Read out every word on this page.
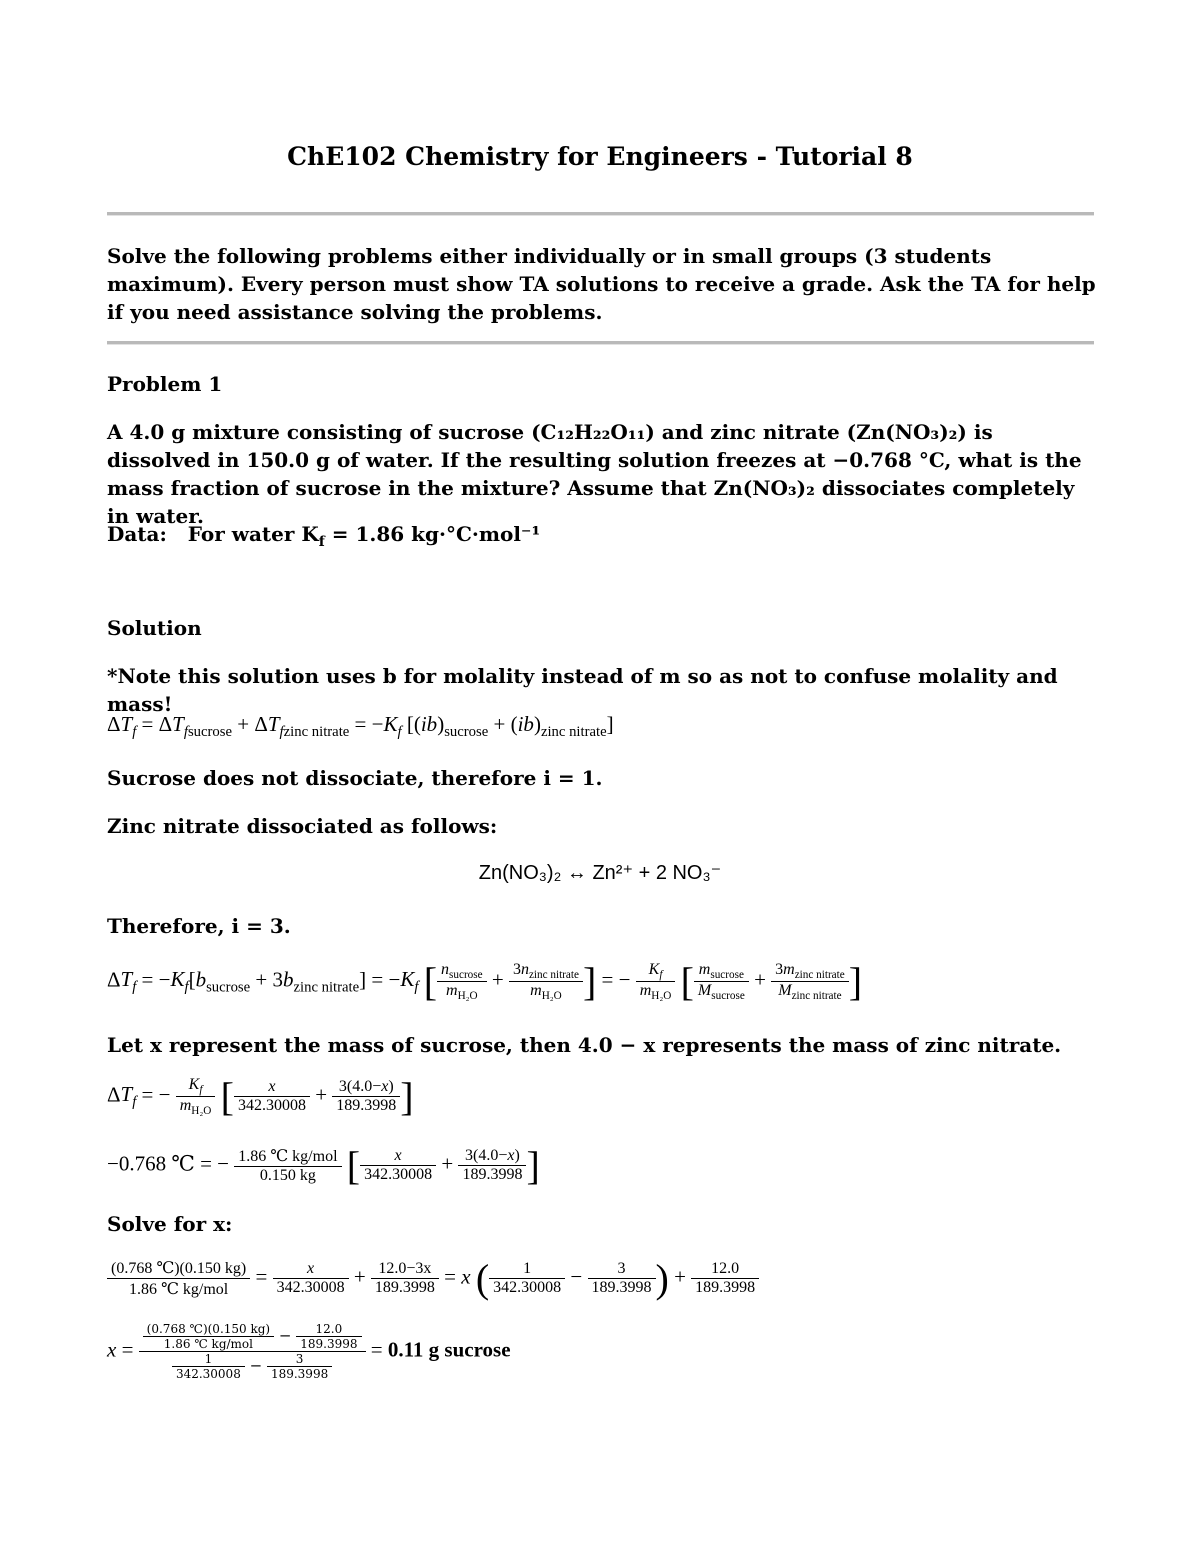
ChE102 Chemistry for Engineers - Tutorial 8
Solve the following problems either individually or in small groups (3 students maximum). Every person must show TA solutions to receive a grade. Ask the TA for help if you need assistance solving the problems.
Problem 1
A 4.0 g mixture consisting of sucrose (C₁₂H₂₂O₁₁) and zinc nitrate (Zn(NO₃)₂) is dissolved in 150.0 g of water. If the resulting solution freezes at −0.768 °C, what is the mass fraction of sucrose in the mixture? Assume that Zn(NO₃)₂ dissociates completely in water.
Data: For water $K_f = 1.86$ kg·°C·mol⁻¹
Solution
*Note this solution uses b for molality instead of m so as not to confuse molality and mass!
$\Delta T_f = \Delta T_{fsucrose} + \Delta T_{fzinc nitrate} = -K_f$ $[(ib)_{sucrose} + (ib)_{zinc nitrate}]$
Sucrose does not dissociate, therefore i = 1.
Zinc nitrate dissociated as follows:
Zn(NO₃)₂ ↔ Zn²⁺ + 2 NO₃⁻
Therefore, i = 3.
$\Delta T_f = -K_f[b_{sucrose} + 3b_{zinc nitrate}] = -K_f$ [ $\frac{n_{sucrose}}{m_{H_2O}} + \frac{3n_{zinc nitrate}}{m_{H_2O}}$ ] = − $\frac{K_f}{m_{H_2O}}$ [ $\frac{m_{sucrose}}{M_{sucrose}} + \frac{3m_{zinc nitrate}}{M_{zinc nitrate}}$ ]
Let x represent the mass of sucrose, then 4.0 − x represents the mass of zinc nitrate.
$\Delta T_f$ = − $\frac{K_f}{m_{H_2O}}$ [ $\frac{x}{342.30008} + \frac{3(4.0-x)}{189.3998}$ ]
−0.768 ℃ = − $\frac{\text{1.86 ℃ kg/mol}}{0.150 kg}$ [ $\frac{x}{342.30008} + \frac{3(4.0-x)}{189.3998}$ ]
Solve for x:
$\frac{(0.768 ℃)(0.150 kg)}{\text{1.86 ℃ kg/mol}} = \frac{x}{342.30008} + \frac{12.0-3x}{189.3998} = x$ ( $\frac{1}{342.30008} - \frac{3}{189.3998}$ ) + $\frac{12.0}{189.3998}$
$x = \frac{\frac{(0.768 ℃)(0.150 kg)}{\text{1.86 ℃ kg/mol}} - \frac{12.0}{189.3998}}{\frac{1}{342.30008} - \frac{3}{189.3998}} = 0.11$ g sucrose
